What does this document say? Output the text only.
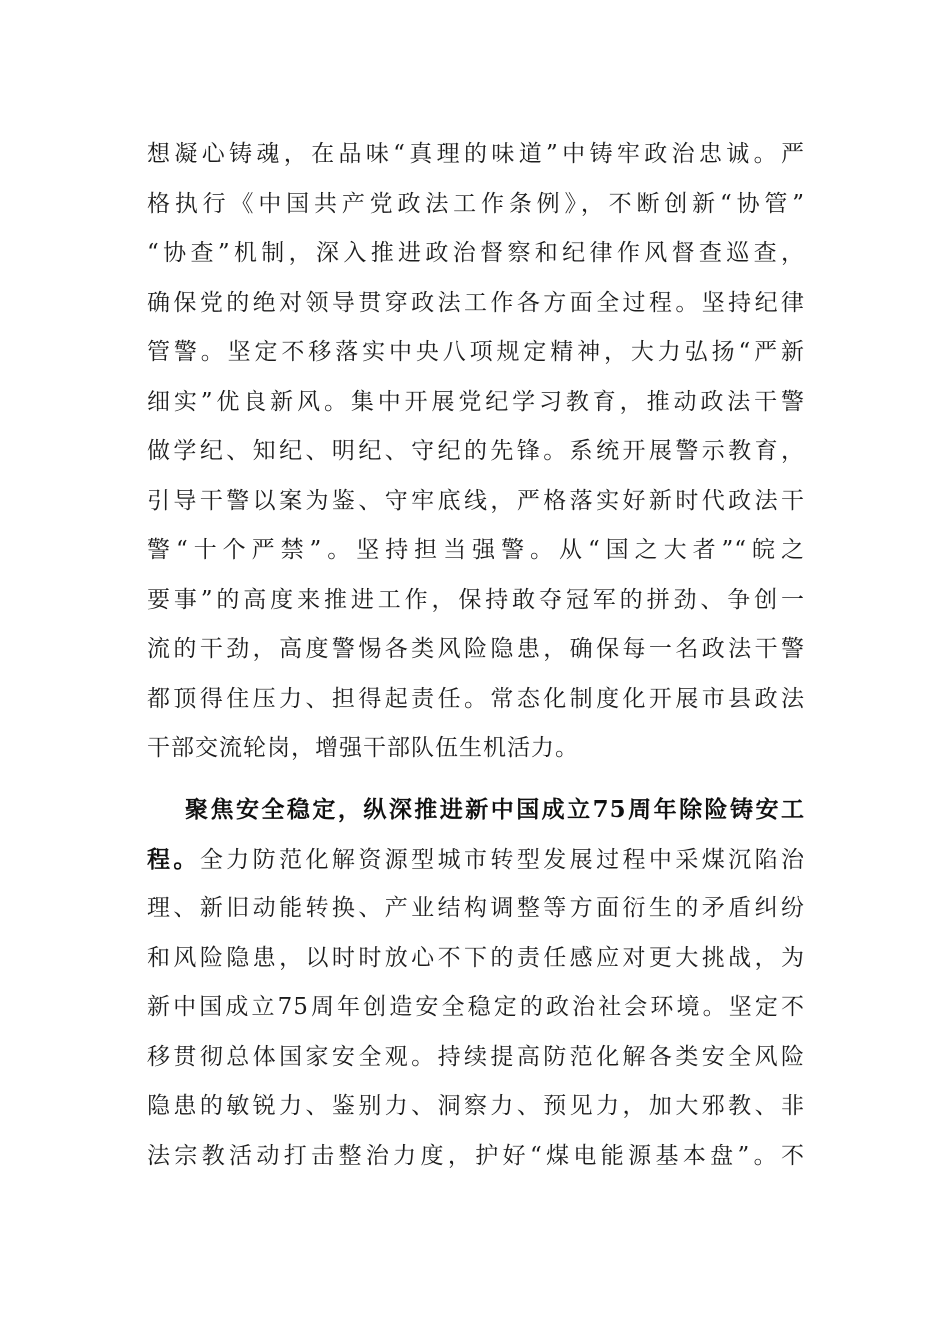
想凝心铸魂，在品味“真理的味道”中铸牢政治忠诚。严
格执行《中国共产党政法工作条例》，不断创新“协管”
“协查”机制，深入推进政治督察和纪律作风督查巡查，
确保党的绝对领导贯穿政法工作各方面全过程。坚持纪律
管警。坚定不移落实中央八项规定精神，大力弘扬“严新
细实”优良新风。集中开展党纪学习教育，推动政法干警
做学纪、知纪、明纪、守纪的先锋。系统开展警示教育，
引导干警以案为鉴、守牢底线，严格落实好新时代政法干
警“十个严禁”。坚持担当强警。从“国之大者”“皖之
要事”的高度来推进工作，保持敢夺冠军的拼劲、争创一
流的干劲，高度警惕各类风险隐患，确保每一名政法干警
都顶得住压力、担得起责任。常态化制度化开展市县政法
干部交流轮岗，增强干部队伍生机活力。
聚焦安全稳定，纵深推进新中国成立75周年除险铸安工
程。全力防范化解资源型城市转型发展过程中采煤沉陷治
理、新旧动能转换、产业结构调整等方面衍生的矛盾纠纷
和风险隐患，以时时放心不下的责任感应对更大挑战，为
新中国成立75周年创造安全稳定的政治社会环境。坚定不
移贯彻总体国家安全观。持续提高防范化解各类安全风险
隐患的敏锐力、鉴别力、洞察力、预见力，加大邪教、非
法宗教活动打击整治力度，护好“煤电能源基本盘”。不
